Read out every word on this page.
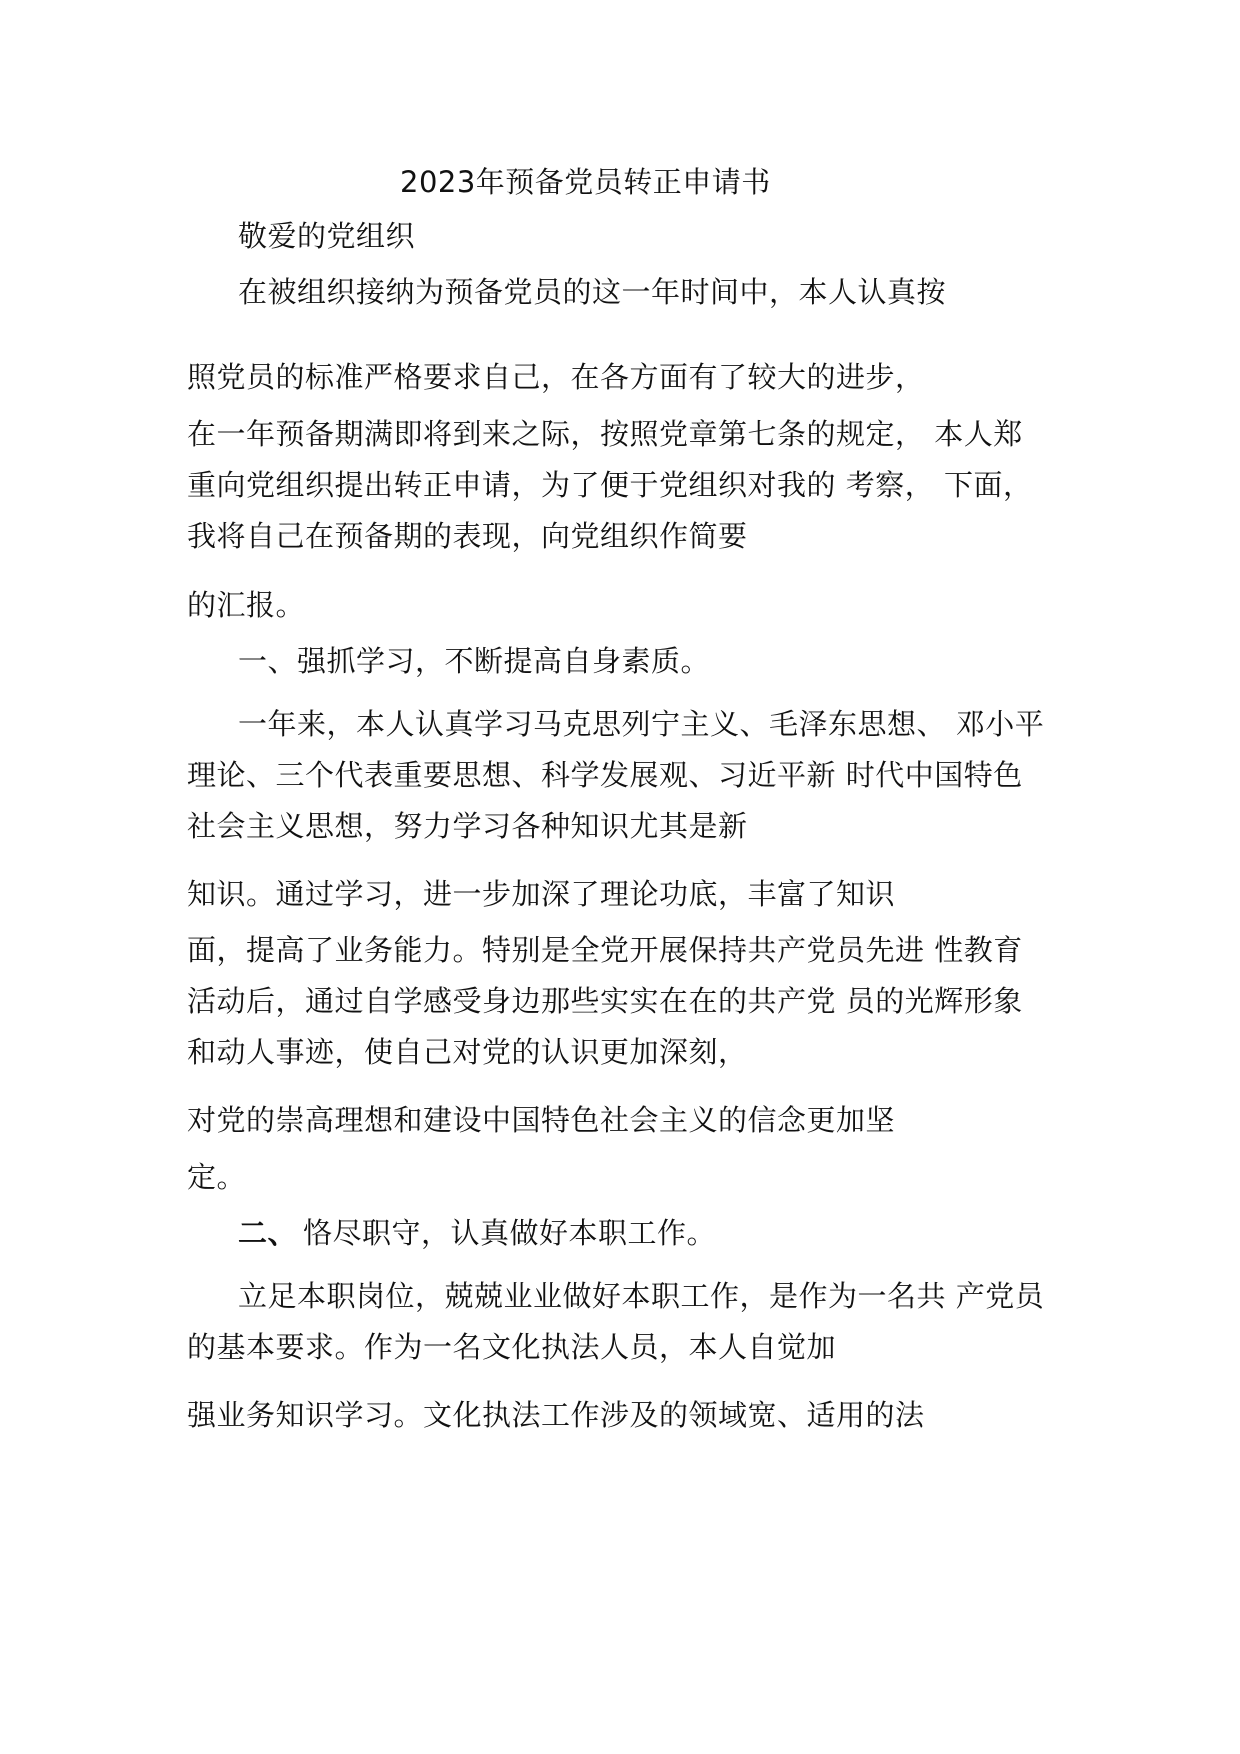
2023年预备党员转正申请书
敬爱的党组织
在被组织接纳为预备党员的这一年时间中，本人认真按
照党员的标准严格要求自己，在各方面有了较大的进步，
在一年预备期满即将到来之际，按照党章第七条的规定， 本人郑
重向党组织提出转正申请，为了便于党组织对我的 考察， 下面，
我将自己在预备期的表现，向党组织作简要
的汇报。
一、强抓学习，不断提高自身素质。
一年来，本人认真学习马克思列宁主义、毛泽东思想、 邓小平
理论、三个代表重要思想、科学发展观、习近平新 时代中国特色
社会主义思想，努力学习各种知识尤其是新
知识。通过学习，进一步加深了理论功底，丰富了知识
面，提高了业务能力。特别是全党开展保持共产党员先进 性教育
活动后，通过自学感受身边那些实实在在的共产党 员的光辉形象
和动人事迹，使自己对党的认识更加深刻，
对党的崇高理想和建设中国特色社会主义的信念更加坚
定。
二、 恪尽职守，认真做好本职工作。
立足本职岗位，兢兢业业做好本职工作，是作为一名共 产党员
的基本要求。作为一名文化执法人员，本人自觉加
强业务知识学习。文化执法工作涉及的领域宽、适用的法
